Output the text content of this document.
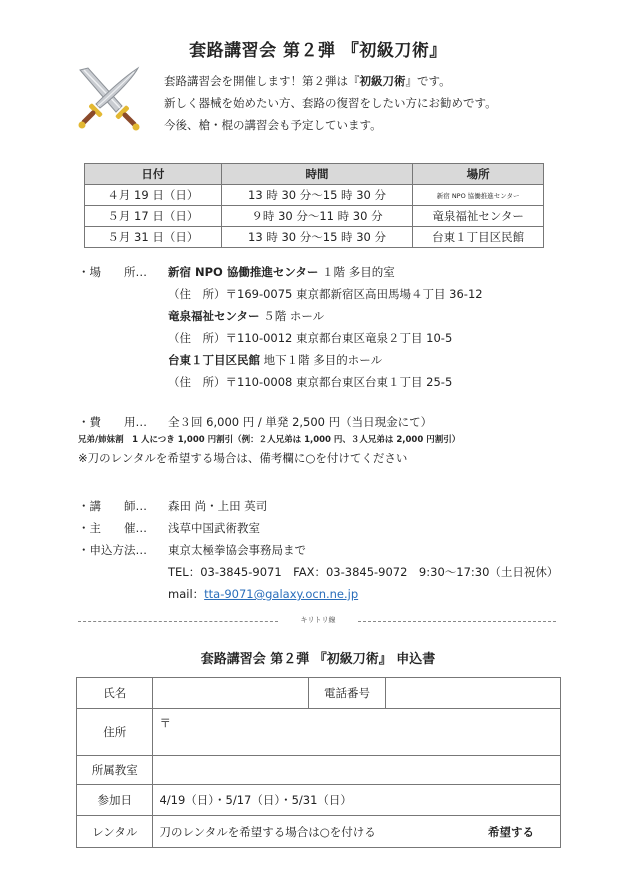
套路講習会 第２弾 『初級刀術』
套路講習会を開催します！第２弾は『初級刀術』です。
新しく器械を始めたい方、套路の復習をしたい方にお勧めです。
今後、槍・棍の講習会も予定しています。
日付	時間	場所
４月 19 日（日）	13 時 30 分〜15 時 30 分	新宿 NPO 協働推進センター
５月 17 日（日）	９時 30 分〜11 時 30 分	竜泉福祉センター
５月 31 日（日）	13 時 30 分〜15 時 30 分	台東１丁目区民館
・場　　所… 新宿 NPO 協働推進センター １階 多目的室
（住　所）〒169-0075 東京都新宿区高田馬場４丁目 36-12
竜泉福祉センター ５階 ホール
（住　所）〒110-0012 東京都台東区竜泉２丁目 10-5
台東１丁目区民館 地下１階 多目的ホール
（住　所）〒110-0008 東京都台東区台東１丁目 25-5
・費　　用… 全３回 6,000 円 / 単発 2,500 円（当日現金にて）
兄弟/姉妹割　1 人につき 1,000 円割引（例：２人兄弟は 1,000 円、３人兄弟は 2,000 円割引）
※刀のレンタルを希望する場合は、備考欄に○を付けてください
・講　　師… 森田 尚・上田 英司
・主　　催… 浅草中国武術教室
・申込方法… 東京太極拳協会事務局まで
TEL：03-3845-9071　FAX：03-3845-9072　9:30〜17:30（土日祝休）
mail：tta-9071@galaxy.ocn.ne.jp
キリトリ線
套路講習会 第２弾 『初級刀術』 申込書
氏名		電話番号	
住所	〒		
所属教室			
参加日	4/19（日）・5/17（日）・5/31（日）		
レンタル	刀のレンタルを希望する場合は○を付ける 希望する		
